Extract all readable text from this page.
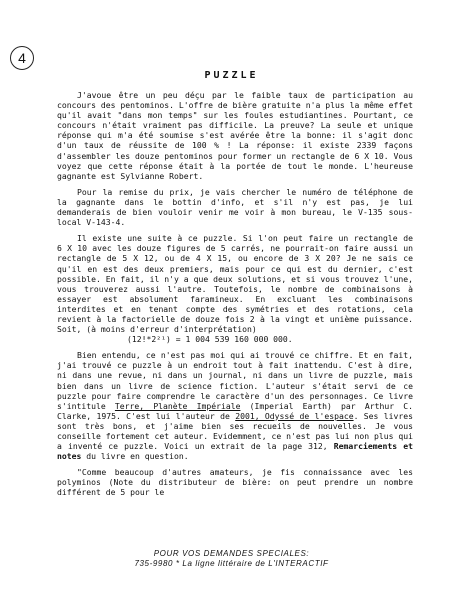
4
PUZZLE

J'avoue être un peu déçu par le faible taux de participation au concours des pentominos. L'offre de bière gratuite n'a plus la même effet qu'il avait "dans mon temps" sur les foules estudiantines. Pourtant, ce concours n'était vraiment pas difficile. La preuve? La seule et unique réponse qui m'a été soumise s'est avérée être la bonne: il s'agit donc d'un taux de réussite de 100 % ! La réponse: il existe 2339 façons d'assembler les douze pentominos pour former un rectangle de 6 X 10. Vous voyez que cette réponse était à la portée de tout le monde. L'heureuse gagnante est Sylvianne Robert.

Pour la remise du prix, je vais chercher le numéro de téléphone de la gagnante dans le bottin d'info, et s'il n'y est pas, je lui demanderais de bien vouloir venir me voir à mon bureau, le V-135 sous-local V-143-4.

Il existe une suite à ce puzzle. Si l'on peut faire un rectangle de 6 X 10 avec les douze figures de 5 carrés, ne pourrait-on faire aussi un rectangle de 5 X 12, ou de 4 X 15, ou encore de 3 X 20? Je ne sais ce qu'il en est des deux premiers, mais pour ce qui est du dernier, c'est possible. En fait, il n'y a que deux solutions, et si vous trouvez l'une, vous trouverez aussi l'autre. Toutefois, le nombre de combinaisons à essayer est absolument faramineux. En excluant les combinaisons interdites et en tenant compte des symétries et des rotations, cela revient à la factorielle de douze fois 2 à la vingt et unième puissance. Soit, (à moins d'erreur d'interprétation)
(12!*2²¹) = 1 004 539 160 000 000.

Bien entendu, ce n'est pas moi qui ai trouvé ce chiffre. Et en fait, j'ai trouvé ce puzzle à un endroit tout à fait inattendu. C'est à dire, ni dans une revue, ni dans un journal, ni dans un livre de puzzle, mais bien dans un livre de science fiction. L'auteur s'était servi de ce puzzle pour faire comprendre le caractère d'un des personnages. Ce livre s'intitule Terre, Planète Impériale (Imperial Earth) par Arthur C. Clarke, 1975. C'est lui l'auteur de 2001, Odyssé de l'espace. Ses livres sont très bons, et j'aime bien ses recueils de nouvelles. Je vous conseille fortement cet auteur. Evidemment, ce n'est pas lui non plus qui a inventé ce puzzle. Voici un extrait de la page 312, Remarciements et notes du livre en question.

"Comme beaucoup d'autres amateurs, je fis connaissance avec les polyminos (Note du distributeur de bière: on peut prendre un nombre différent de 5 pour le

POUR VOS DEMANDES SPECIALES:
735-9980 * La ligne littéraire de L'INTERACTIF
